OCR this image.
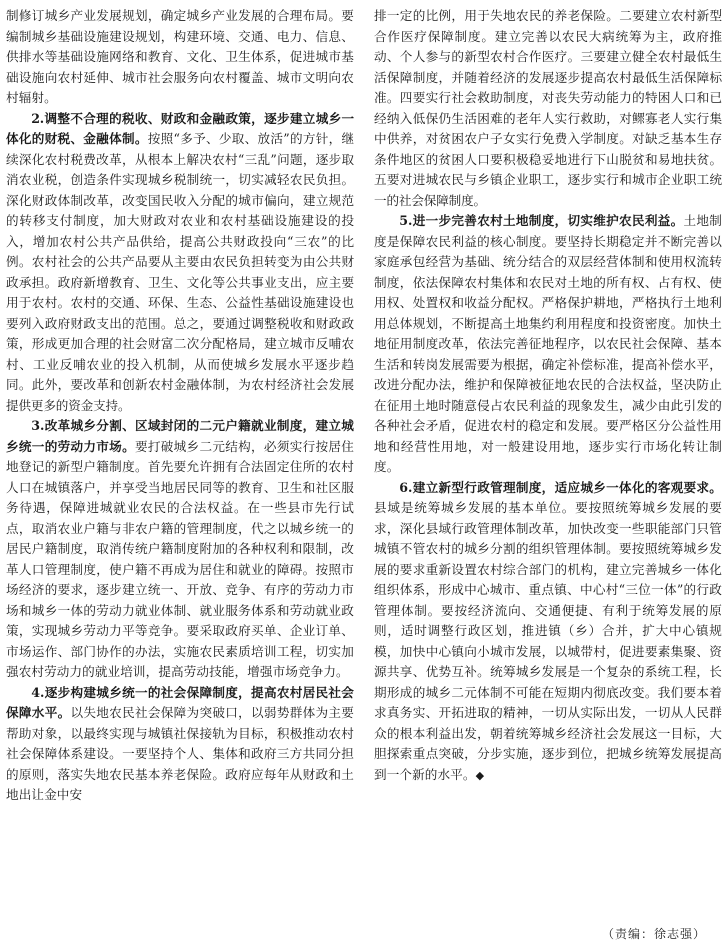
制修订城乡产业发展规划，确定城乡产业发展的合理布局。要编制城乡基础设施建设规划，构建环境、交通、电力、信息、供排水等基础设施网络和教育、文化、卫生体系，促进城市基础设施向农村延伸、城市社会服务向农村覆盖、城市文明向农村辐射。

2.调整不合理的税收、财政和金融政策，逐步建立城乡一体化的财税、金融体制。按照“多予、少取、放活”的方针，继续深化农村税费改革，从根本上解决农村“三乱”问题，逐步取消农业税，创造条件实现城乡税制统一，切实减轻农民负担。深化财政体制改革，改变国民收入分配的城市偏向，建立规范的转移支付制度，加大财政对农业和农村基础设施建设的投入，增加农村公共产品供给，提高公共财政投向“三农”的比例。农村社会的公共产品要从主要由农民负担转变为由公共财政承担。政府新增教育、卫生、文化等公共事业支出，应主要用于农村。农村的交通、环保、生态、公益性基础设施建设也要列入政府财政支出的范围。总之，要通过调整税收和财政政策，形成更加合理的社会财富二次分配格局，建立城市反哺农村、工业反哺农业的投入机制，从而使城乡发展水平逐步趋同。此外，要改革和创新农村金融体制，为农村经济社会发展提供更多的资金支持。

3.改革城乡分割、区域封闭的二元户籍就业制度，建立城乡统一的劳动力市场。要打破城乡二元结构，必须实行按居住地登记的新型户籍制度。首先要允许拥有合法固定住所的农村人口在城镇落户，并享受当地居民同等的教育、卫生和社区服务待遇，保障进城就业农民的合法权益。在一些县市先行试点，取消农业户籍与非农户籍的管理制度，代之以城乡统一的居民户籍制度，取消传统户籍制度附加的各种权利和限制，改革人口管理制度，使户籍不再成为居住和就业的障碍。按照市场经济的要求，逐步建立统一、开放、竞争、有序的劳动力市场和城乡一体的劳动力就业体制、就业服务体系和劳动就业政策，实现城乡劳动力平等竞争。要采取政府买单、企业订单、市场运作、部门协作的办法，实施农民素质培训工程，切实加强农村劳动力的就业培训，提高劳动技能，增强市场竞争力。

4.逐步构建城乡统一的社会保障制度，提高农村居民社会保障水平。以失地农民社会保障为突破口，以弱势群体为主要帮助对象，以最终实现与城镇社保接轨为目标，积极推动农村社会保障体系建设。一要坚持个人、集体和政府三方共同分担的原则，落实失地农民基本养老保险。政府应每年从财政和土地出让金中安

排一定的比例，用于失地农民的养老保险。二要建立农村新型合作医疗保障制度。建立完善以农民大病统筹为主，政府推动、个人参与的新型农村合作医疗。三要建立健全农村最低生活保障制度，并随着经济的发展逐步提高农村最低生活保障标准。四要实行社会救助制度，对丧失劳动能力的特困人口和已经纳入低保仍生活困难的老年人实行救助，对鳏寡老人实行集中供养，对贫困农户子女实行免费入学制度。对缺乏基本生存条件地区的贫困人口要积极稳妥地进行下山脱贫和易地扶贫。五要对进城农民与乡镇企业职工，逐步实行和城市企业职工统一的社会保障制度。

5.进一步完善农村土地制度，切实维护农民利益。土地制度是保障农民利益的核心制度。要坚持长期稳定并不断完善以家庭承包经营为基础、统分结合的双层经营体制和使用权流转制度，依法保障农村集体和农民对土地的所有权、占有权、使用权、处置权和收益分配权。严格保护耕地，严格执行土地利用总体规划，不断提高土地集约利用程度和投资密度。加快土地征用制度改革，依法完善征地程序，以农民社会保障、基本生活和转岗发展需要为根据，确定补偿标准，提高补偿水平，改进分配办法，维护和保障被征地农民的合法权益，坚决防止在征用土地时随意侵占农民利益的现象发生，减少由此引发的各种社会矛盾，促进农村的稳定和发展。要严格区分公益性用地和经营性用地，对一般建设用地，逐步实行市场化转让制度。

6.建立新型行政管理制度，适应城乡一体化的客观要求。县域是统筹城乡发展的基本单位。要按照统筹城乡发展的要求，深化县域行政管理体制改革，加快改变一些职能部门只管城镇不管农村的城乡分割的组织管理体制。要按照统筹城乡发展的要求重新设置农村综合部门的机构，建立完善城乡一体化组织体系，形成中心城市、重点镇、中心村“三位一体”的行政管理体制。要按经济流向、交通便捷、有利于统筹发展的原则，适时调整行政区划，推进镇（乡）合并，扩大中心镇规模，加快中心镇向小城市发展，以城带村，促进要素集聚、资源共享、优势互补。统筹城乡发展是一个复杂的系统工程，长期形成的城乡二元体制不可能在短期内彻底改变。我们要本着求真务实、开拓进取的精神，一切从实际出发，一切从人民群众的根本利益出发，朝着统筹城乡经济社会发展这一目标，大胆探索重点突破，分步实施，逐步到位，把城乡统筹发展提高到一个新的水平。◆

（责编：徐志强）
